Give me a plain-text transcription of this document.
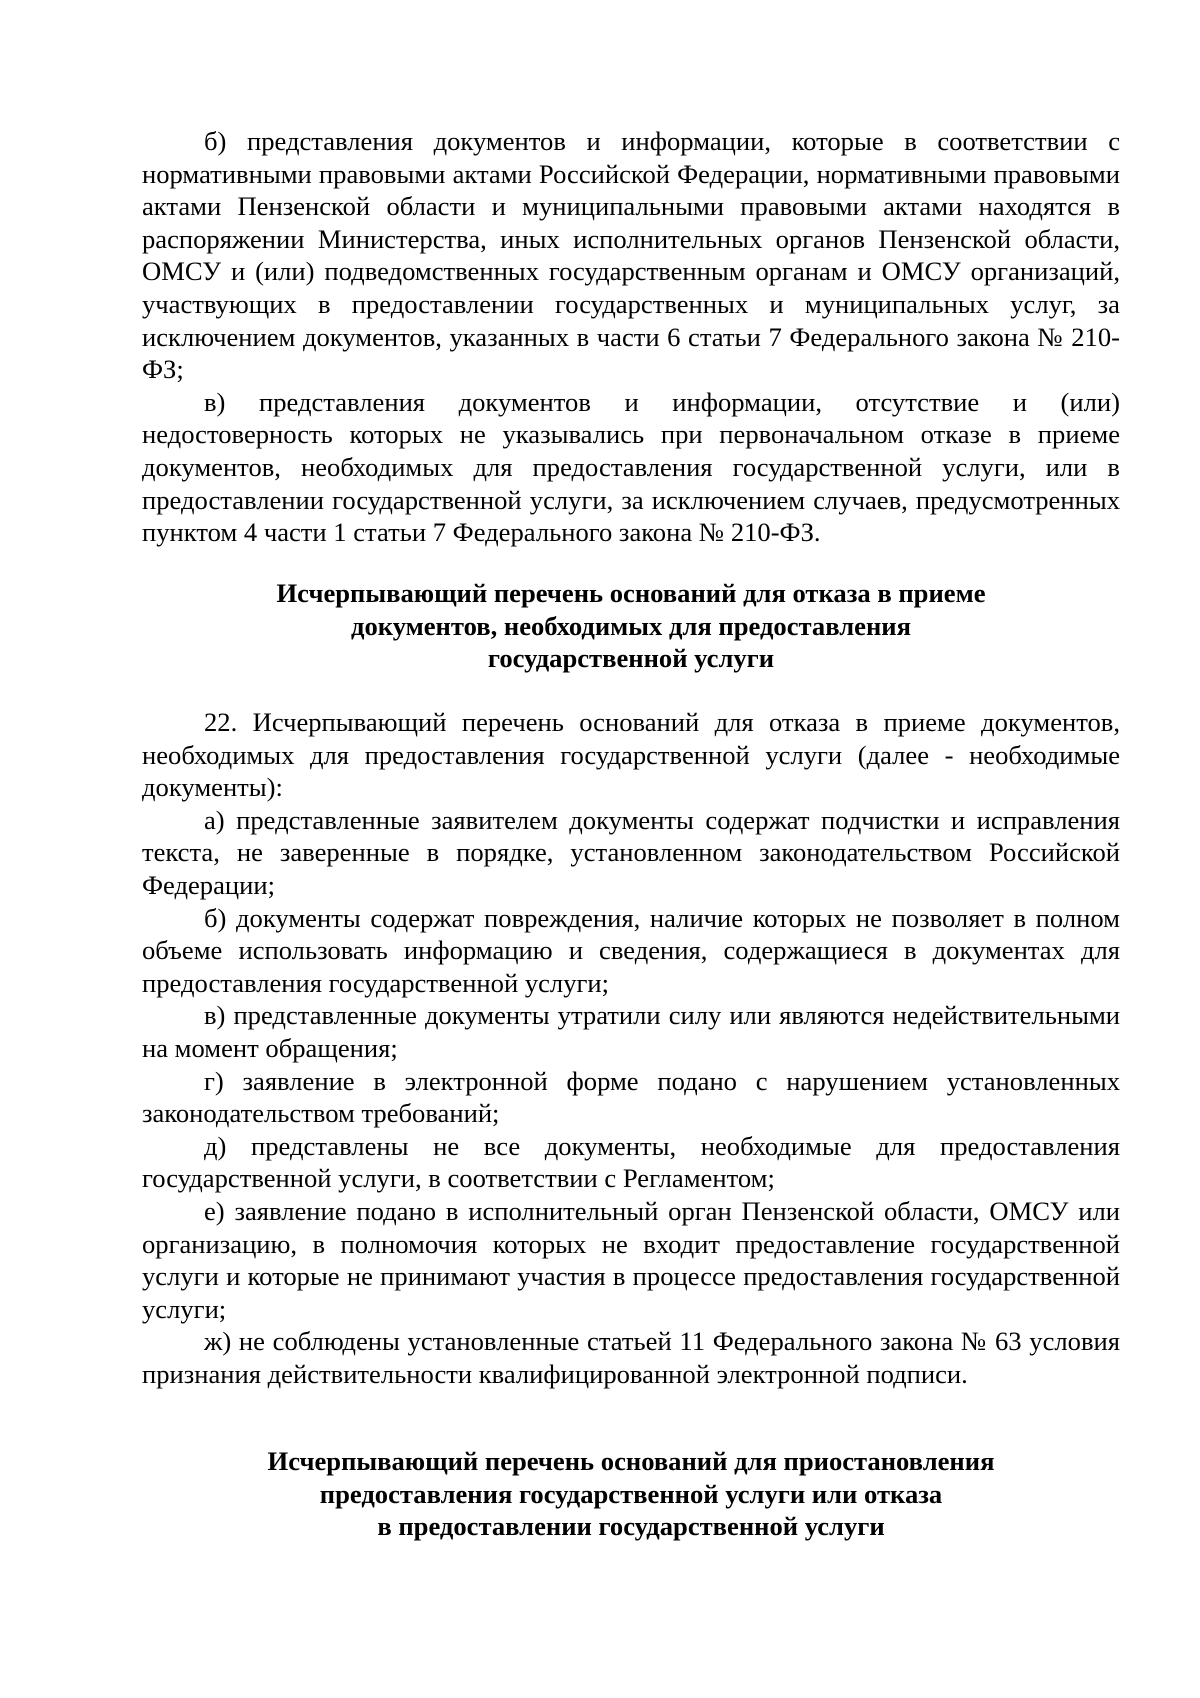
б) представления документов и информации, которые в соответствии с нормативными правовыми актами Российской Федерации, нормативными правовыми актами Пензенской области и муниципальными правовыми актами находятся в распоряжении Министерства, иных исполнительных органов Пензенской области, ОМСУ и (или) подведомственных государственным органам и ОМСУ организаций, участвующих в предоставлении государственных и муниципальных услуг, за исключением документов, указанных в части 6 статьи 7 Федерального закона № 210-ФЗ;

в) представления документов и информации, отсутствие и (или) недостоверность которых не указывались при первоначальном отказе в приеме документов, необходимых для предоставления государственной услуги, или в предоставлении государственной услуги, за исключением случаев, предусмотренных пунктом 4 части 1 статьи 7 Федерального закона № 210-ФЗ.

Исчерпывающий перечень оснований для отказа в приеме
документов, необходимых для предоставления
государственной услуги

22. Исчерпывающий перечень оснований для отказа в приеме документов, необходимых для предоставления государственной услуги (далее - необходимые документы):

а) представленные заявителем документы содержат подчистки и исправления текста, не заверенные в порядке, установленном законодательством Российской Федерации;

б) документы содержат повреждения, наличие которых не позволяет в полном объеме использовать информацию и сведения, содержащиеся в документах для предоставления государственной услуги;

в) представленные документы утратили силу или являются недействительными на момент обращения;

г) заявление в электронной форме подано с нарушением установленных законодательством требований;

д) представлены не все документы, необходимые для предоставления государственной услуги, в соответствии с Регламентом;

е) заявление подано в исполнительный орган Пензенской области, ОМСУ или организацию, в полномочия которых не входит предоставление государственной услуги и которые не принимают участия в процессе предоставления государственной услуги;

ж) не соблюдены установленные статьей 11 Федерального закона № 63 условия признания действительности квалифицированной электронной подписи.

Исчерпывающий перечень оснований для приостановления
предоставления государственной услуги или отказа
в предоставлении государственной услуги
